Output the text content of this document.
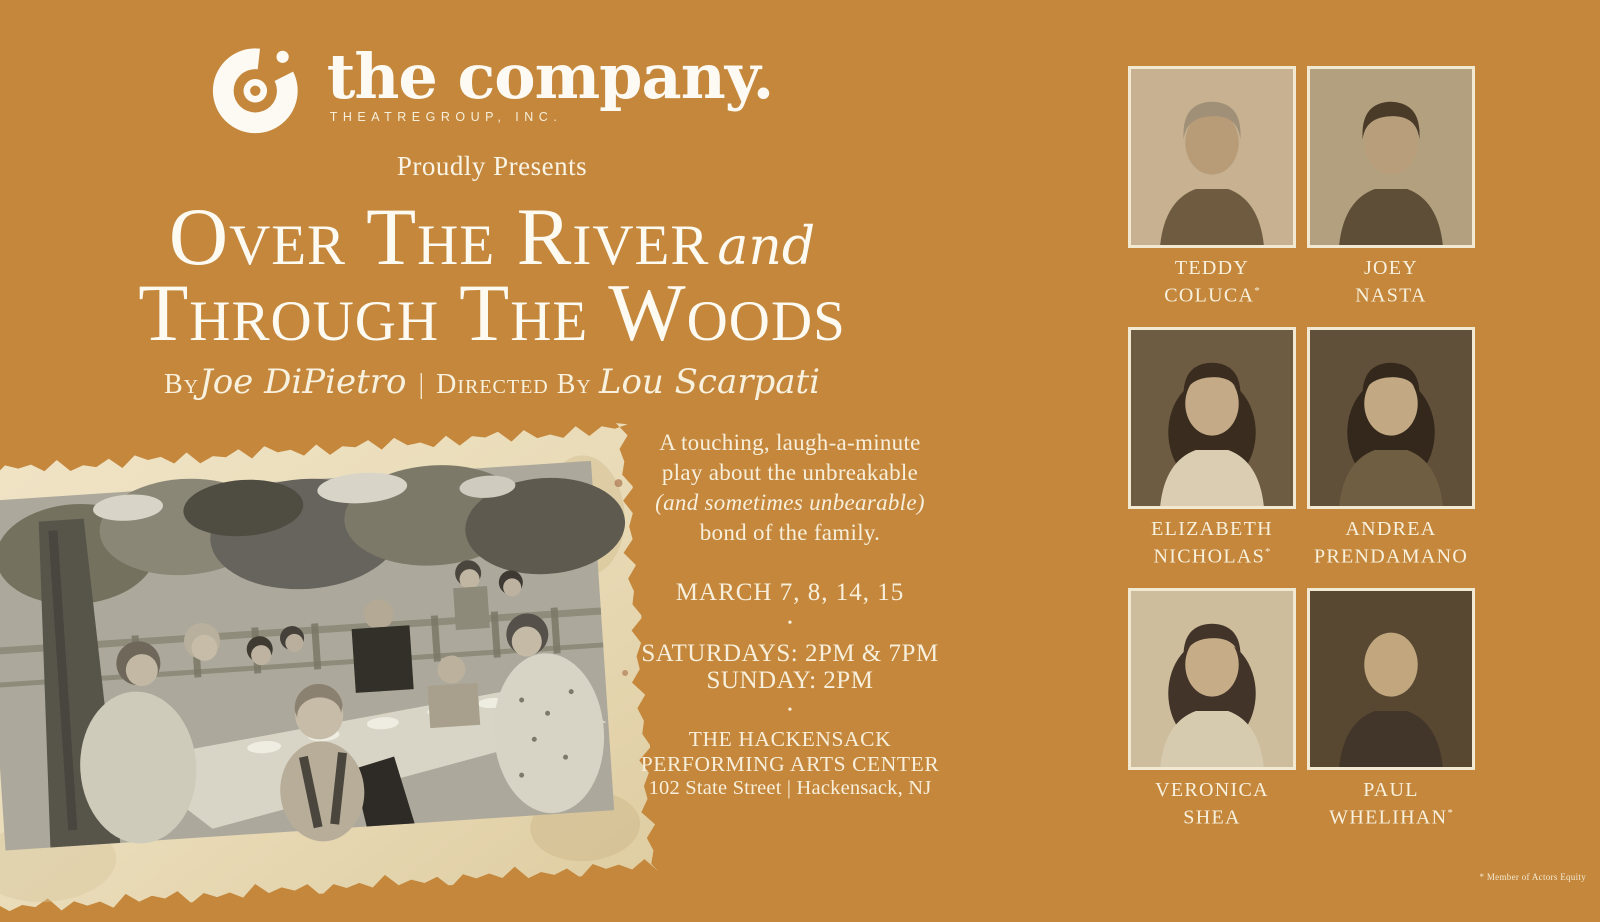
the company.
THEATREGROUP, INC.
Proudly Presents
Over The River and
Through The Woods
ByJoe DiPietro | Directed By Lou Scarpati
A touching, laugh-a-minute
play about the unbreakable
(and sometimes unbearable)
bond of the family.
MARCH 7, 8, 14, 15
•
SATURDAYS: 2PM & 7PM
SUNDAY: 2PM
•
THE HACKENSACK
PERFORMING ARTS CENTER
102 State Street | Hackensack, NJ
TEDDY
COLUCA*
JOEY
NASTA
ELIZABETH
NICHOLAS*
ANDREA
PRENDAMANO
VERONICA
SHEA
PAUL
WHELIHAN*
* Member of Actors Equity
